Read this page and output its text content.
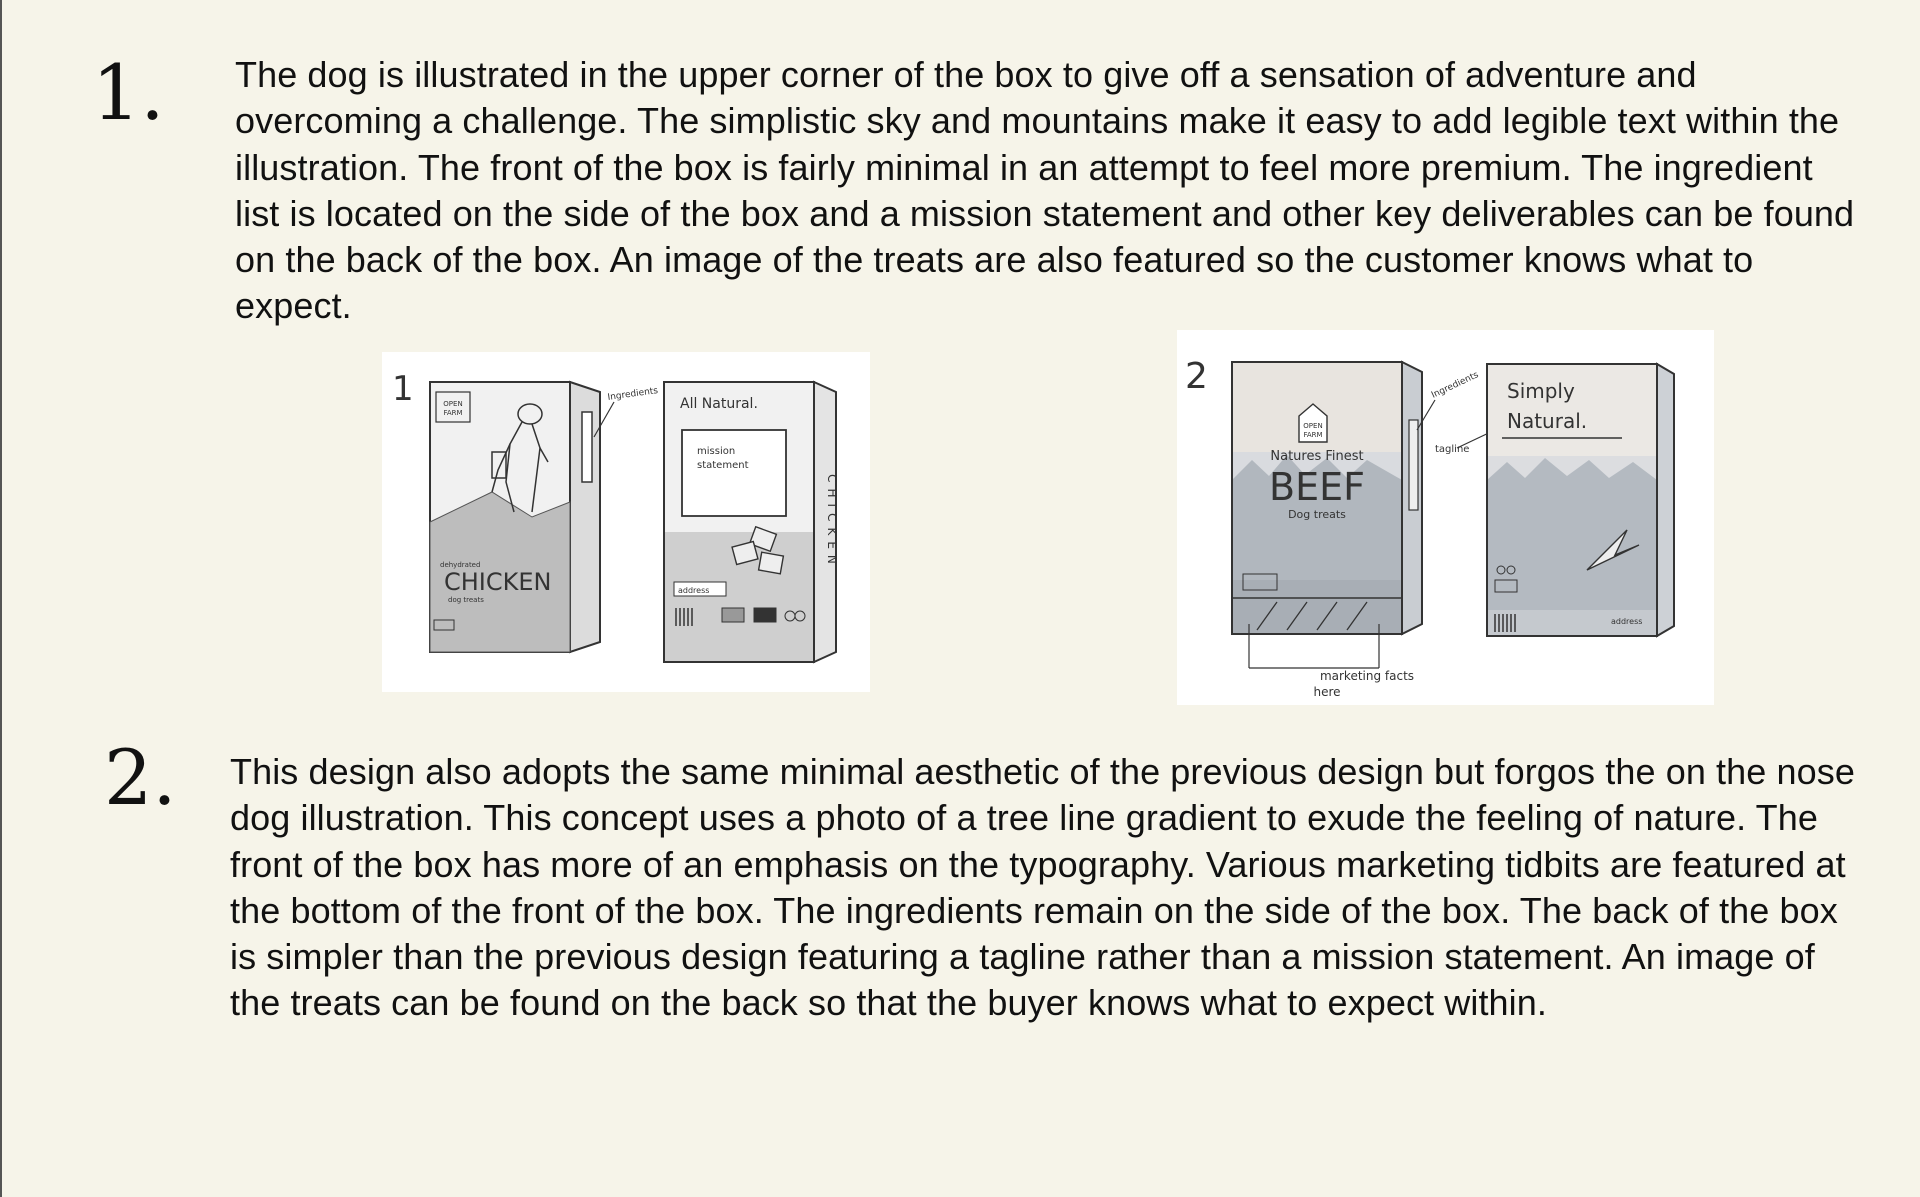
1. The dog is illustrated in the upper corner of the box to give off a sensation of adventure and overcoming a challenge. The simplistic sky and mountains make it easy to add legible text within the illustration. The front of the box is fairly minimal in an attempt to feel more premium. The ingredient list is located on the side of the box and a mission statement and other key deliverables can be found on the back of the box. An image of the treats are also featured so the customer knows what to expect.
1	OPEN
FARM
dehydrated
CHICKEN
dog treats
Ingredients
All Natural.
mission
statement
CHICKEN
address
2
OPEN
FARM
Natures Finest
BEEF
Dog treats
Ingredients
tagline
marketing facts
here
Simply
Natural.
address
2. This design also adopts the same minimal aesthetic of the previous design but forgos the on the nose dog illustration. This concept uses a photo of a tree line gradient to exude the feeling of nature. The front of the box has more of an emphasis on the typography. Various marketing tidbits are featured at the bottom of the front of the box. The ingredients remain on the side of the box. The back of the box is simpler than the previous design featuring a tagline rather than a mission statement. An image of the treats can be found on the back so that the buyer knows what to expect within.
